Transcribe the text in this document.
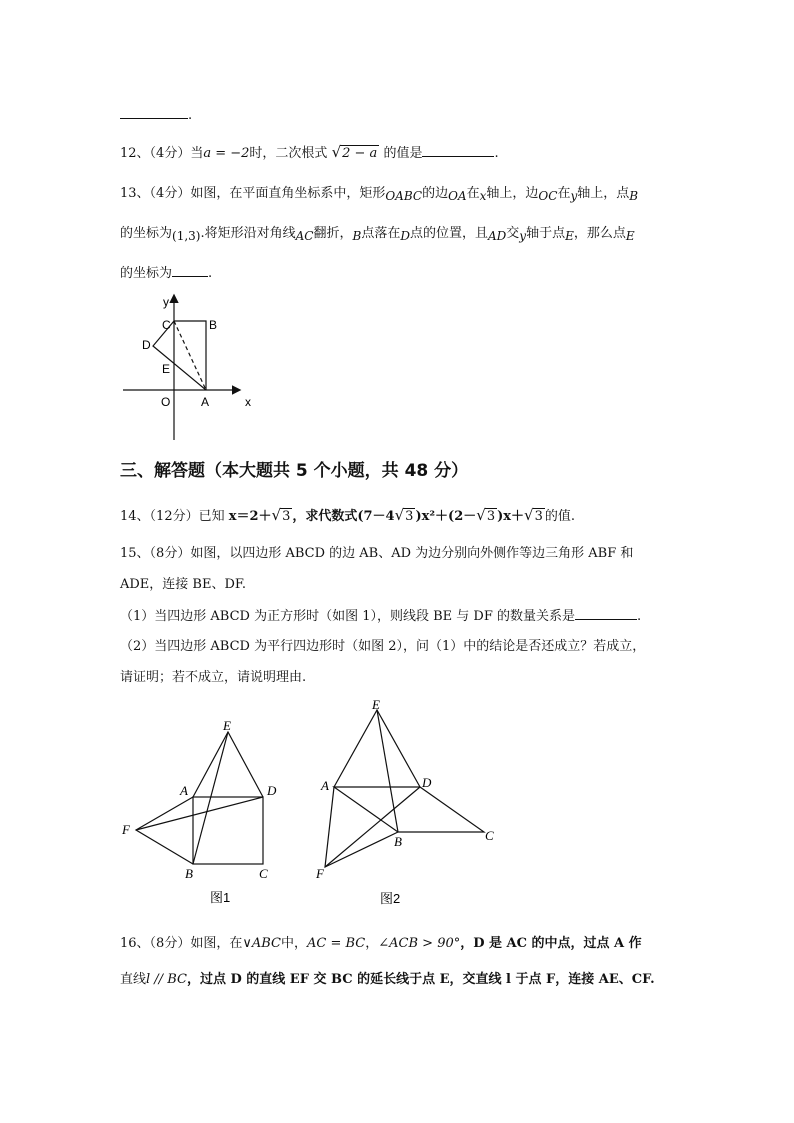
.
12、（4分）当a = −2时，二次根式 √2 − a 的值是	.
13、（4分）如图，在平面直角坐标系中，矩形OABC的边OA在x轴上，边OC在y轴上，点B
的坐标为(1,3).将矩形沿对角线AC翻折，B点落在D点的位置，且AD交y轴于点E，那么点E
的坐标为	.
y
x
C	B
D
E
O	A
三、解答题（本大题共 5 个小题，共 48 分）
14、（12分）已知 x＝2＋√3 ，求代数式(7－4√3 )x²＋(2－√3 )x＋√3 的值.
15、（8分）如图，以四边形 ABCD 的边 AB、AD 为边分别向外侧作等边三角形 ABF 和
ADE，连接 BE、DF.
（1）当四边形 ABCD 为正方形时（如图 1），则线段 BE 与 DF 的数量关系是	.
（2）当四边形 ABCD 为平行四边形时（如图 2），问（1）中的结论是否还成立？若成立，
请证明；若不成立，请说明理由.
E
A	D
F
B	C
图1
E
A	D
B	C
F
图2
16、（8分）如图，在∨ABC中，AC = BC，∠ACB > 90°，D 是 AC 的中点，过点 A 作
直线l // BC，过点 D 的直线 EF 交 BC 的延长线于点 E，交直线 l 于点 F，连接 AE、CF.
